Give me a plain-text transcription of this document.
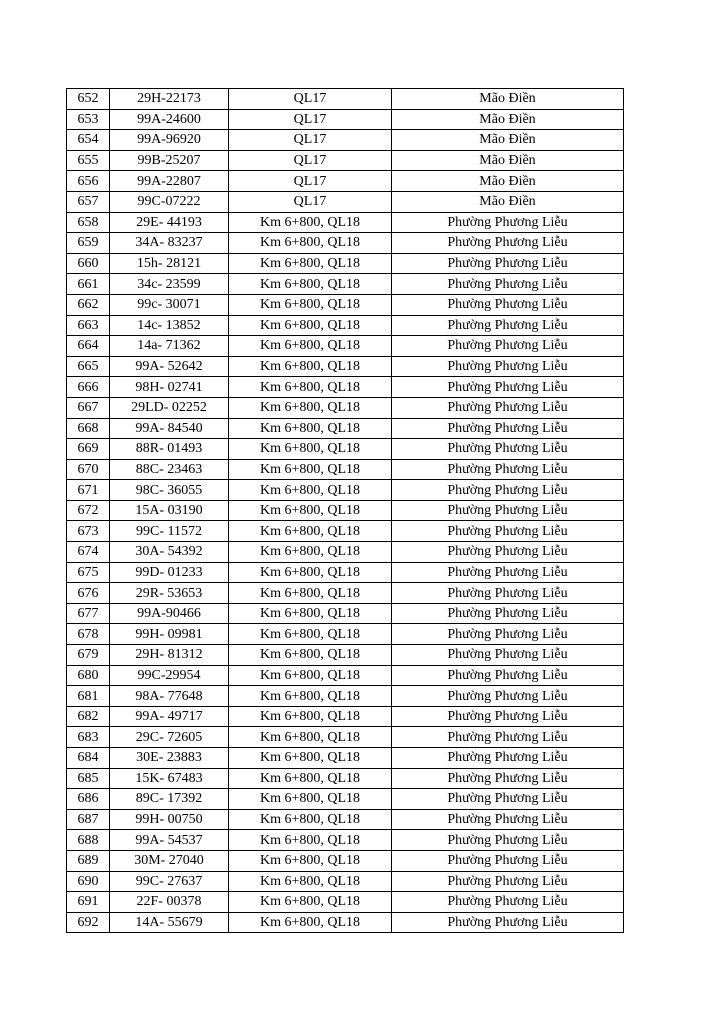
652	29H-22173	QL17	Mão Điền
653	99A-24600	QL17	Mão Điền
654	99A-96920	QL17	Mão Điền
655	99B-25207	QL17	Mão Điền
656	99A-22807	QL17	Mão Điền
657	99C-07222	QL17	Mão Điền
658	29E- 44193	Km 6+800, QL18	Phường Phương Liễu
659	34A- 83237	Km 6+800, QL18	Phường Phương Liễu
660	15h- 28121	Km 6+800, QL18	Phường Phương Liễu
661	34c- 23599	Km 6+800, QL18	Phường Phương Liễu
662	99c- 30071	Km 6+800, QL18	Phường Phương Liễu
663	14c- 13852	Km 6+800, QL18	Phường Phương Liễu
664	14a- 71362	Km 6+800, QL18	Phường Phương Liễu
665	99A- 52642	Km 6+800, QL18	Phường Phương Liễu
666	98H- 02741	Km 6+800, QL18	Phường Phương Liễu
667	29LD- 02252	Km 6+800, QL18	Phường Phương Liễu
668	99A- 84540	Km 6+800, QL18	Phường Phương Liễu
669	88R- 01493	Km 6+800, QL18	Phường Phương Liễu
670	88C- 23463	Km 6+800, QL18	Phường Phương Liễu
671	98C- 36055	Km 6+800, QL18	Phường Phương Liễu
672	15A- 03190	Km 6+800, QL18	Phường Phương Liễu
673	99C- 11572	Km 6+800, QL18	Phường Phương Liễu
674	30A- 54392	Km 6+800, QL18	Phường Phương Liễu
675	99D- 01233	Km 6+800, QL18	Phường Phương Liễu
676	29R- 53653	Km 6+800, QL18	Phường Phương Liễu
677	99A-90466	Km 6+800, QL18	Phường Phương Liễu
678	99H- 09981	Km 6+800, QL18	Phường Phương Liễu
679	29H- 81312	Km 6+800, QL18	Phường Phương Liễu
680	99C-29954	Km 6+800, QL18	Phường Phương Liễu
681	98A- 77648	Km 6+800, QL18	Phường Phương Liễu
682	99A- 49717	Km 6+800, QL18	Phường Phương Liễu
683	29C- 72605	Km 6+800, QL18	Phường Phương Liễu
684	30E- 23883	Km 6+800, QL18	Phường Phương Liễu
685	15K- 67483	Km 6+800, QL18	Phường Phương Liễu
686	89C- 17392	Km 6+800, QL18	Phường Phương Liễu
687	99H- 00750	Km 6+800, QL18	Phường Phương Liễu
688	99A- 54537	Km 6+800, QL18	Phường Phương Liễu
689	30M- 27040	Km 6+800, QL18	Phường Phương Liễu
690	99C- 27637	Km 6+800, QL18	Phường Phương Liễu
691	22F- 00378	Km 6+800, QL18	Phường Phương Liễu
692	14A- 55679	Km 6+800, QL18	Phường Phương Liễu
